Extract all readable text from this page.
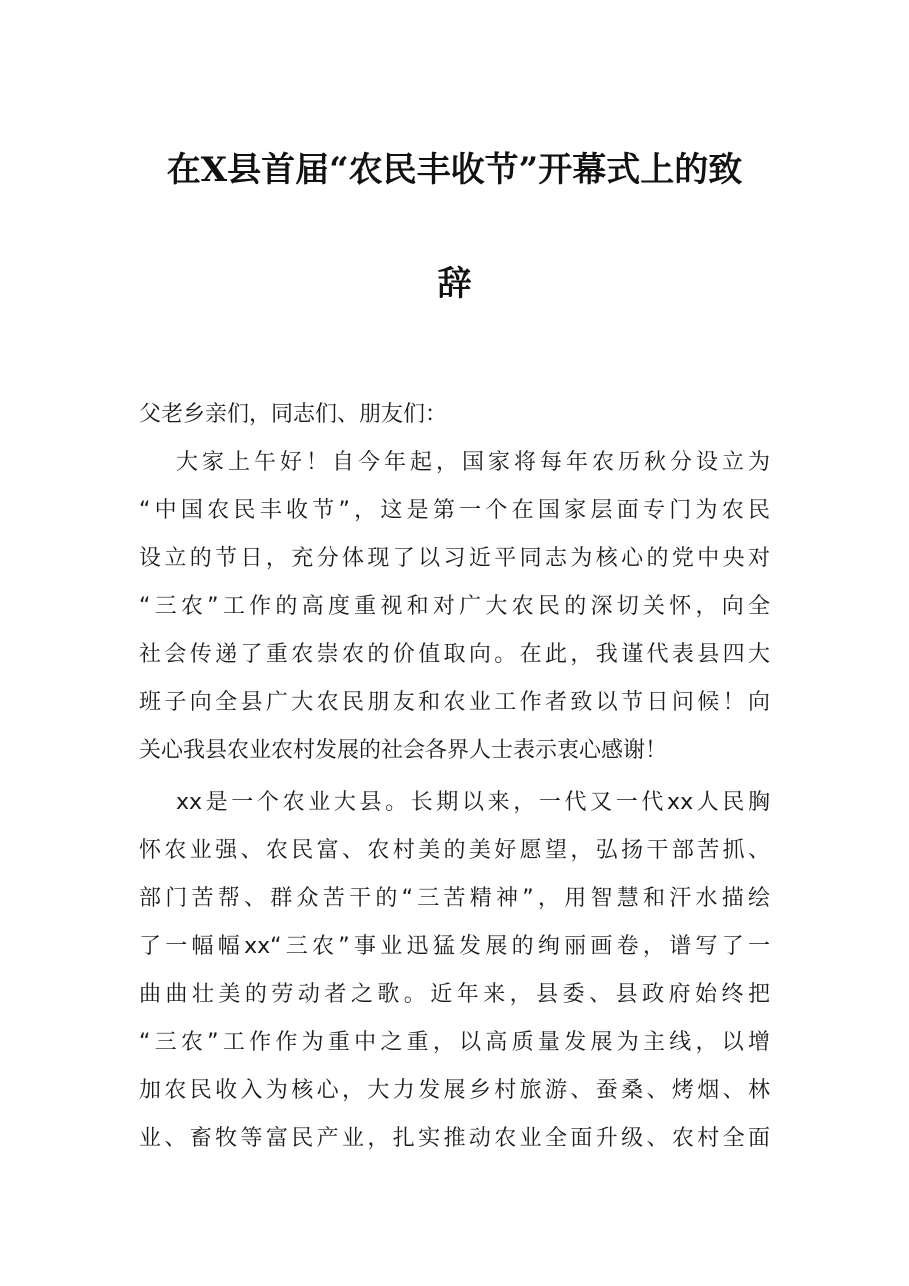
在X县首届“农民丰收节”开幕式上的致
辞

父老乡亲们，同志们、朋友们：

大家上午好！自今年起，国家将每年农历秋分设立为

“中国农民丰收节”，这是第一个在国家层面专门为农民

设立的节日，充分体现了以习近平同志为核心的党中央对

“三农”工作的高度重视和对广大农民的深切关怀，向全

社会传递了重农崇农的价值取向。在此，我谨代表县四大

班子向全县广大农民朋友和农业工作者致以节日问候！向

关心我县农业农村发展的社会各界人士表示衷心感谢！

xx是一个农业大县。长期以来，一代又一代xx人民胸

怀农业强、农民富、农村美的美好愿望，弘扬干部苦抓、

部门苦帮、群众苦干的“三苦精神”，用智慧和汗水描绘

了一幅幅xx“三农”事业迅猛发展的绚丽画卷，谱写了一

曲曲壮美的劳动者之歌。近年来，县委、县政府始终把

“三农”工作作为重中之重，以高质量发展为主线，以增

加农民收入为核心，大力发展乡村旅游、蚕桑、烤烟、林

业、畜牧等富民产业，扎实推动农业全面升级、农村全面
